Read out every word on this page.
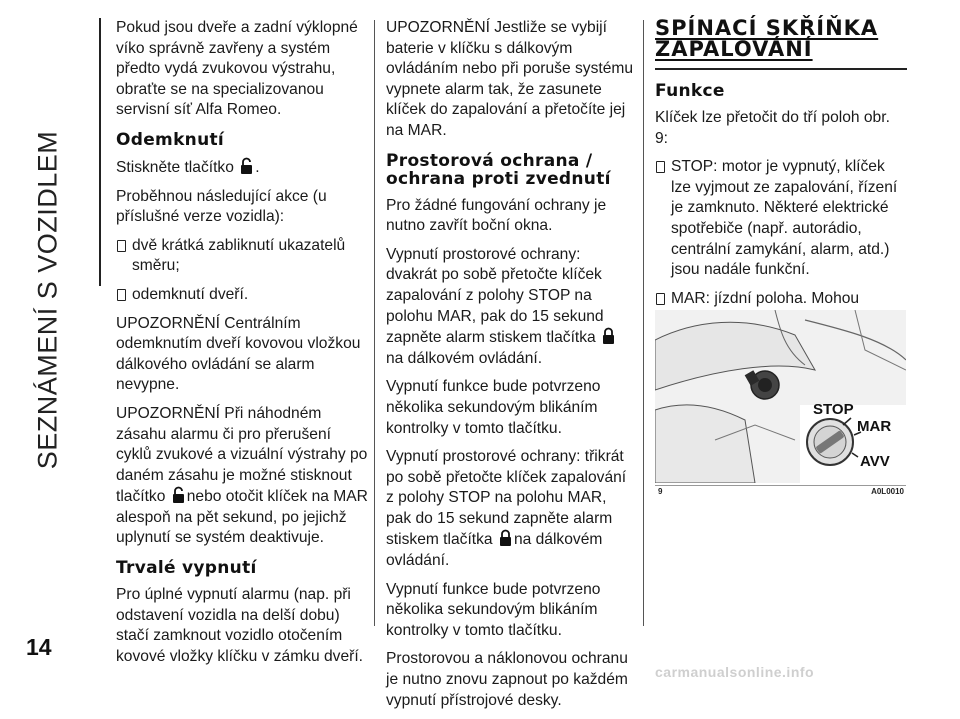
SEZNÁMENÍ S VOZIDLEM
14

Pokud jsou dveře a zadní výklopné víko správně zavřeny a systém předto vydá zvukovou výstrahu, obraťte se na specializovanou servisní síť Alfa Romeo.

Odemknutí

Stiskněte tlačítko .

Proběhnou následující akce (u příslušné verze vozidla):

dvě krátká zabliknutí ukazatelů směru;
odemknutí dveří.

UPOZORNĚNÍ Centrálním odemknutím dveří kovovou vložkou dálkového ovládání se alarm nevypne.

UPOZORNĚNÍ Při náhodném zásahu alarmu či pro přerušení cyklů zvukové a vizuální výstrahy po daném zásahu je možné stisknout tlačítko nebo otočit klíček na MAR alespoň na pět sekund, po jejichž uplynutí se systém deaktivuje.

Trvalé vypnutí

Pro úplné vypnutí alarmu (nap. při odstavení vozidla na delší dobu) stačí zamknout vozidlo otočením kovové vložky klíčku v zámku dveří.

UPOZORNĚNÍ Jestliže se vybijí baterie v klíčku s dálkovým ovládáním nebo při poruše systému vypnete alarm tak, že zasunete klíček do zapalování a přetočíte jej na MAR.

Prostorová ochrana / ochrana proti zvednutí

Pro žádné fungování ochrany je nutno zavřít boční okna.

Vypnutí prostorové ochrany: dvakrát po sobě přetočte klíček zapalování z polohy STOP na polohu MAR, pak do 15 sekund zapněte alarm stiskem tlačítka na dálkovém ovládání.

Vypnutí funkce bude potvrzeno několika sekundovým blikáním kontrolky v tomto tlačítku.

Vypnutí prostorové ochrany: třikrát po sobě přetočte klíček zapalování z polohy STOP na polohu MAR, pak do 15 sekund zapněte alarm stiskem tlačítka na dálkovém ovládání.

Vypnutí funkce bude potvrzeno několika sekundovým blikáním kontrolky v tomto tlačítku.

Prostorovou a náklonovou ochranu je nutno znovu zapnout po každém vypnutí přístrojové desky.

SPÍNACÍ SKŘÍŇKA ZAPALOVÁNÍ
Funkce

Klíček lze přetočit do tří poloh obr. 9:

STOP: motor je vypnutý, klíček lze vyjmout ze zapalování, řízení je zamknuto. Některé elektrické spotřebiče (např. autorádio, centrální zamykání, alarm, atd.) jsou nadále funkční.
MAR: jízdní poloha. Mohou
STOP
MAR
AVV
9	A0L0010
carmanualsonline.info
